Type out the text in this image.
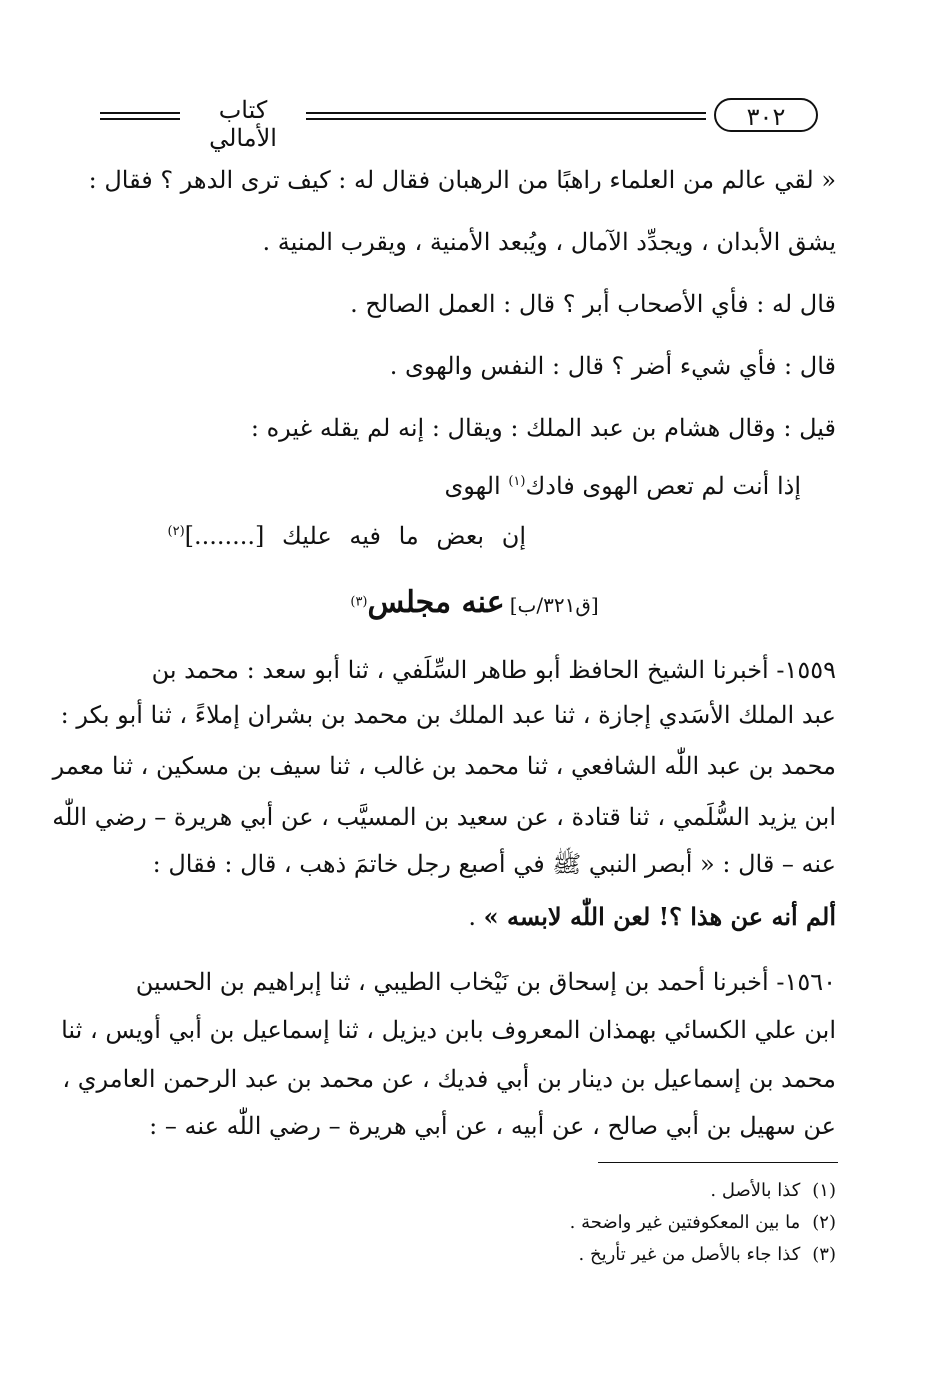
كتاب الأمالي
٣٠٢
« لقي عالم من العلماء راهبًا من الرهبان فقال له : كيف ترى الدهر ؟ فقال :
يشق الأبدان ، ويجدِّد الآمال ، ويُبعد الأمنية ، ويقرب المنية .
قال له : فأي الأصحاب أبر ؟ قال : العمل الصالح .
قال : فأي شيء أضر ؟ قال : النفس والهوى .
قيل : وقال هشام بن عبد الملك : ويقال : إنه لم يقله غيره :
إذا أنت لم تعص الهوى فادك$^{(١)}$ الهوى
إن بعض ما فيه عليك [........]$^{(٢)}$
[ق٣٢١/ب] عنه مجلس$^{(٣)}$
١٥٥٩- أخبرنا الشيخ الحافظ أبو طاهر السِّلَفي ، ثنا أبو سعد : محمد بن
عبد الملك الأسَدي إجازة ، ثنا عبد الملك بن محمد بن بشران إملاءً ، ثنا أبو بكر :
محمد بن عبد اللّٰه الشافعي ، ثنا محمد بن غالب ، ثنا سيف بن مسكين ، ثنا معمر
ابن يزيد السُّلَمي ، ثنا قتادة ، عن سعيد بن المسيَّب ، عن أبي هريرة – رضي اللّٰه
عنه – قال : « أبصر النبي ﷺ في أصبع رجل خاتمَ ذهب ، قال : فقال :
ألم أنه عن هذا ؟! لعن اللّٰه لابسه » .
١٥٦٠- أخبرنا أحمد بن إسحاق بن نَيْخاب الطيبي ، ثنا إبراهيم بن الحسين
ابن علي الكسائي بهمذان المعروف بابن ديزيل ، ثنا إسماعيل بن أبي أويس ، ثنا
محمد بن إسماعيل بن دينار بن أبي فديك ، عن محمد بن عبد الرحمن العامري ،
عن سهيل بن أبي صالح ، عن أبيه ، عن أبي هريرة – رضي اللّٰه عنه – :
(١)كذا بالأصل .
(٢)ما بين المعكوفتين غير واضحة .
(٣)كذا جاء بالأصل من غير تأريخ .
